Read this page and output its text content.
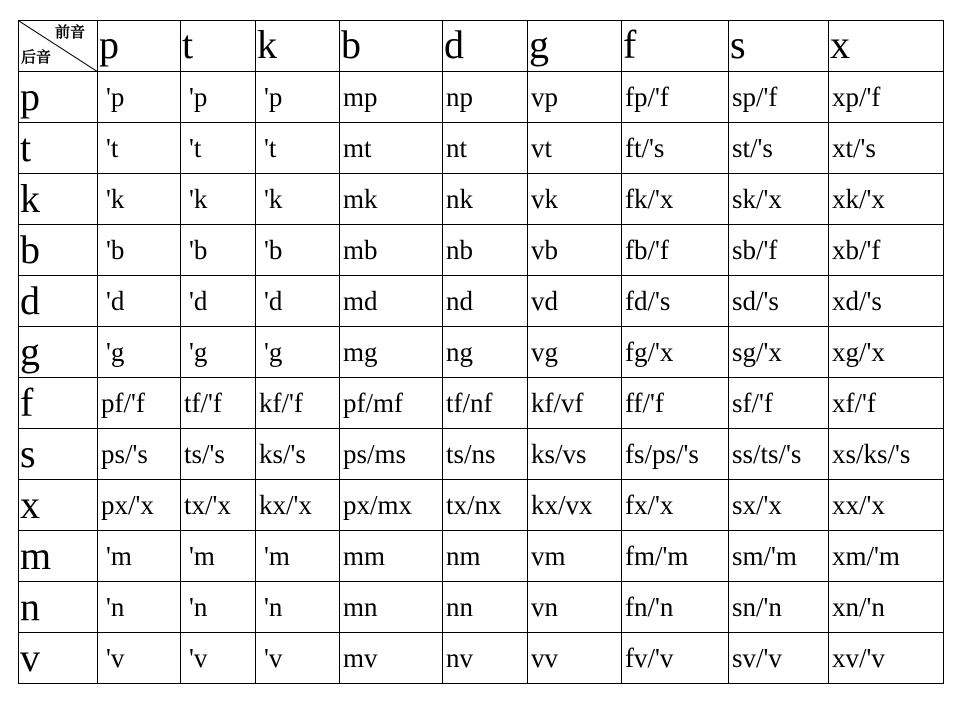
前音
后音	p	t	k	b	d	g	f	s	x
p	'p	'p	'p	mp	np	vp	fp/'f	sp/'f	xp/'f
t	't	't	't	mt	nt	vt	ft/'s	st/'s	xt/'s
k	'k	'k	'k	mk	nk	vk	fk/'x	sk/'x	xk/'x
b	'b	'b	'b	mb	nb	vb	fb/'f	sb/'f	xb/'f
d	'd	'd	'd	md	nd	vd	fd/'s	sd/'s	xd/'s
g	'g	'g	'g	mg	ng	vg	fg/'x	sg/'x	xg/'x
f	pf/'f	tf/'f	kf/'f	pf/mf	tf/nf	kf/vf	ff/'f	sf/'f	xf/'f
s	ps/'s	ts/'s	ks/'s	ps/ms	ts/ns	ks/vs	fs/ps/'s	ss/ts/'s	xs/ks/'s
x	px/'x	tx/'x	kx/'x	px/mx	tx/nx	kx/vx	fx/'x	sx/'x	xx/'x
m	'm	'm	'm	mm	nm	vm	fm/'m	sm/'m	xm/'m
n	'n	'n	'n	mn	nn	vn	fn/'n	sn/'n	xn/'n
v	'v	'v	'v	mv	nv	vv	fv/'v	sv/'v	xv/'v
